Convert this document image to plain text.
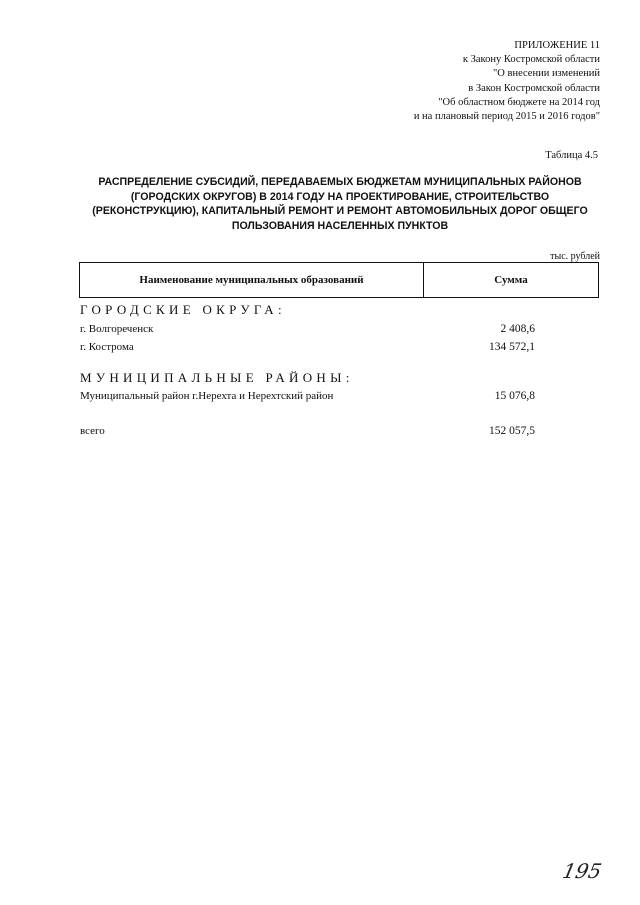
ПРИЛОЖЕНИЕ 11
к Закону Костромской области
"О внесении изменений
в Закон Костромской области
"Об областном бюджете на 2014 год
и на плановый период 2015 и 2016 годов"
Таблица 4.5
РАСПРЕДЕЛЕНИЕ СУБСИДИЙ, ПЕРЕДАВАЕМЫХ БЮДЖЕТАМ МУНИЦИПАЛЬНЫХ РАЙОНОВ
(ГОРОДСКИХ ОКРУГОВ) В 2014 ГОДУ НА ПРОЕКТИРОВАНИЕ, СТРОИТЕЛЬСТВО
(РЕКОНСТРУКЦИЮ), КАПИТАЛЬНЫЙ РЕМОНТ И РЕМОНТ АВТОМОБИЛЬНЫХ ДОРОГ ОБЩЕГО
ПОЛЬЗОВАНИЯ НАСЕЛЕННЫХ ПУНКТОВ
тыс. рублей
Наименование муниципальных образований	Сумма
ГОРОДСКИЕ ОКРУГА:
г. Волгореченск	2 408,6
г. Кострома	134 572,1
МУНИЦИПАЛЬНЫЕ РАЙОНЫ:
Муниципальный район г.Нерехта и Нерехтский район	15 076,8
всего	152 057,5
195
